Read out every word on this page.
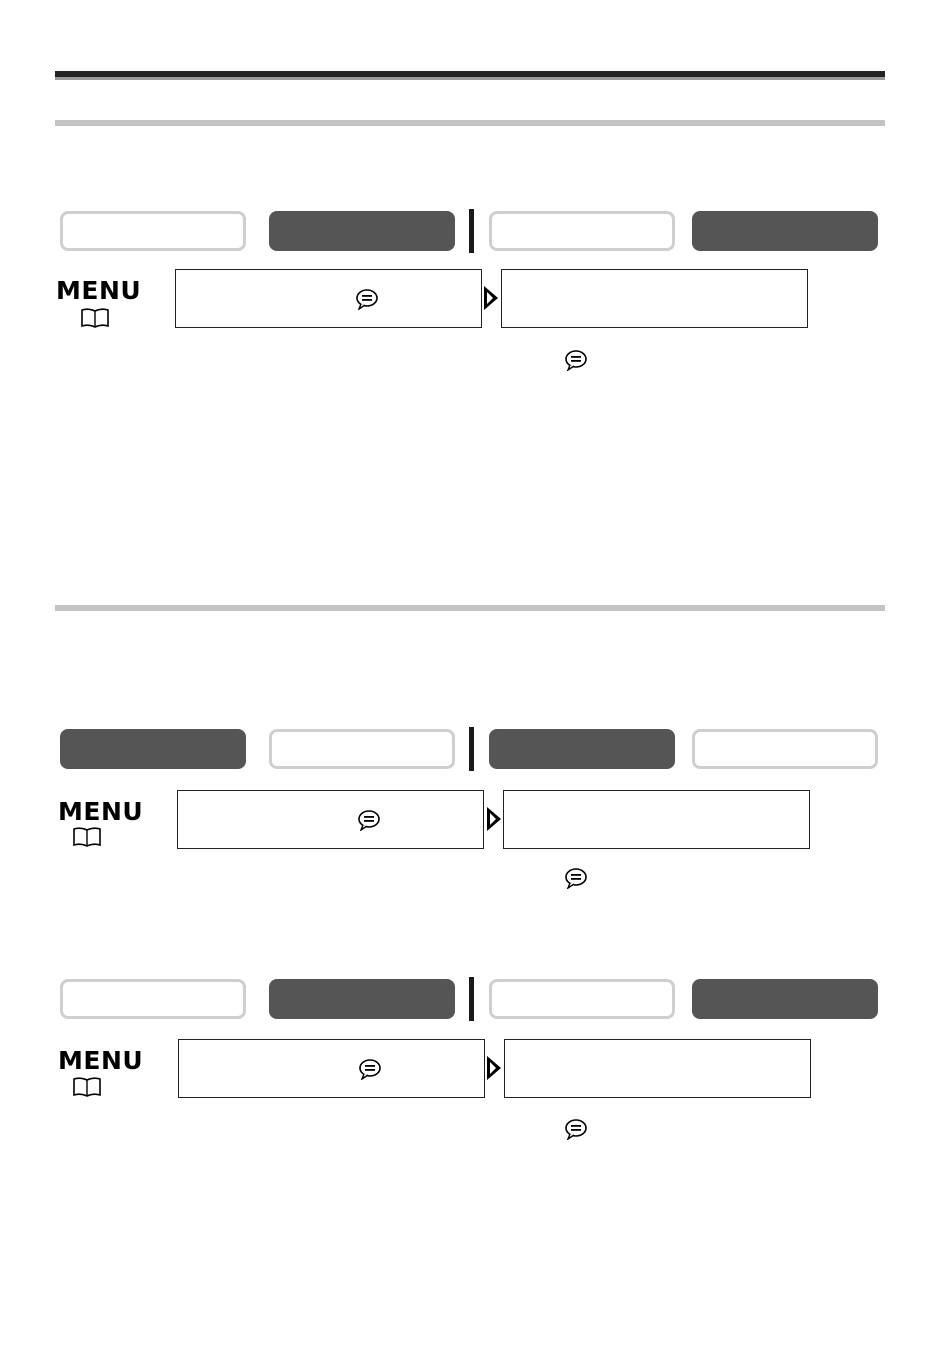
MENU
MENU
MENU
